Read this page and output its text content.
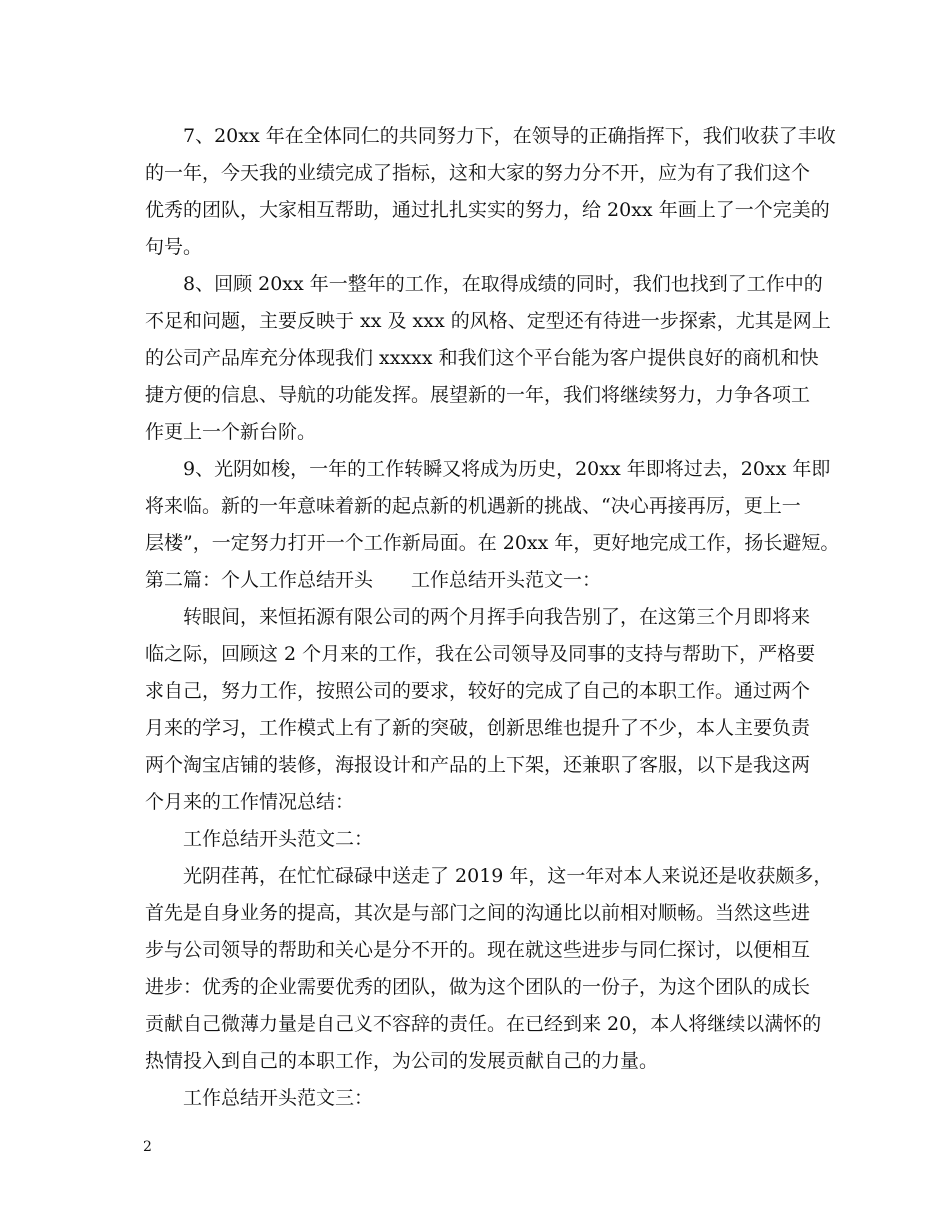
7、20xx 年在全体同仁的共同努力下，在领导的正确指挥下，我们收获了丰收
的一年，今天我的业绩完成了指标，这和大家的努力分不开，应为有了我们这个
优秀的团队，大家相互帮助，通过扎扎实实的努力，给 20xx 年画上了一个完美的
句号。
8、回顾 20xx 年一整年的工作，在取得成绩的同时，我们也找到了工作中的
不足和问题，主要反映于 xx 及 xxx 的风格、定型还有待进一步探索，尤其是网上
的公司产品库充分体现我们 xxxxx 和我们这个平台能为客户提供良好的商机和快
捷方便的信息、导航的功能发挥。展望新的一年，我们将继续努力，力争各项工
作更上一个新台阶。
9、光阴如梭，一年的工作转瞬又将成为历史，20xx 年即将过去，20xx 年即
将来临。新的一年意味着新的起点新的机遇新的挑战、“决心再接再厉，更上一
层楼”，一定努力打开一个工作新局面。在 20xx 年，更好地完成工作，扬长避短。
第二篇：个人工作总结开头 工作总结开头范文一：
转眼间，来恒拓源有限公司的两个月挥手向我告别了，在这第三个月即将来
临之际，回顾这 2 个月来的工作，我在公司领导及同事的支持与帮助下，严格要
求自己，努力工作，按照公司的要求，较好的完成了自己的本职工作。通过两个
月来的学习，工作模式上有了新的突破，创新思维也提升了不少，本人主要负责
两个淘宝店铺的装修，海报设计和产品的上下架，还兼职了客服，以下是我这两
个月来的工作情况总结：
工作总结开头范文二：
光阴荏苒，在忙忙碌碌中送走了 2019 年，这一年对本人来说还是收获颇多，
首先是自身业务的提高，其次是与部门之间的沟通比以前相对顺畅。当然这些进
步与公司领导的帮助和关心是分不开的。现在就这些进步与同仁探讨，以便相互
进步：优秀的企业需要优秀的团队，做为这个团队的一份子，为这个团队的成长
贡献自己微薄力量是自己义不容辞的责任。在已经到来 20，本人将继续以满怀的
热情投入到自己的本职工作，为公司的发展贡献自己的力量。
工作总结开头范文三：
2
